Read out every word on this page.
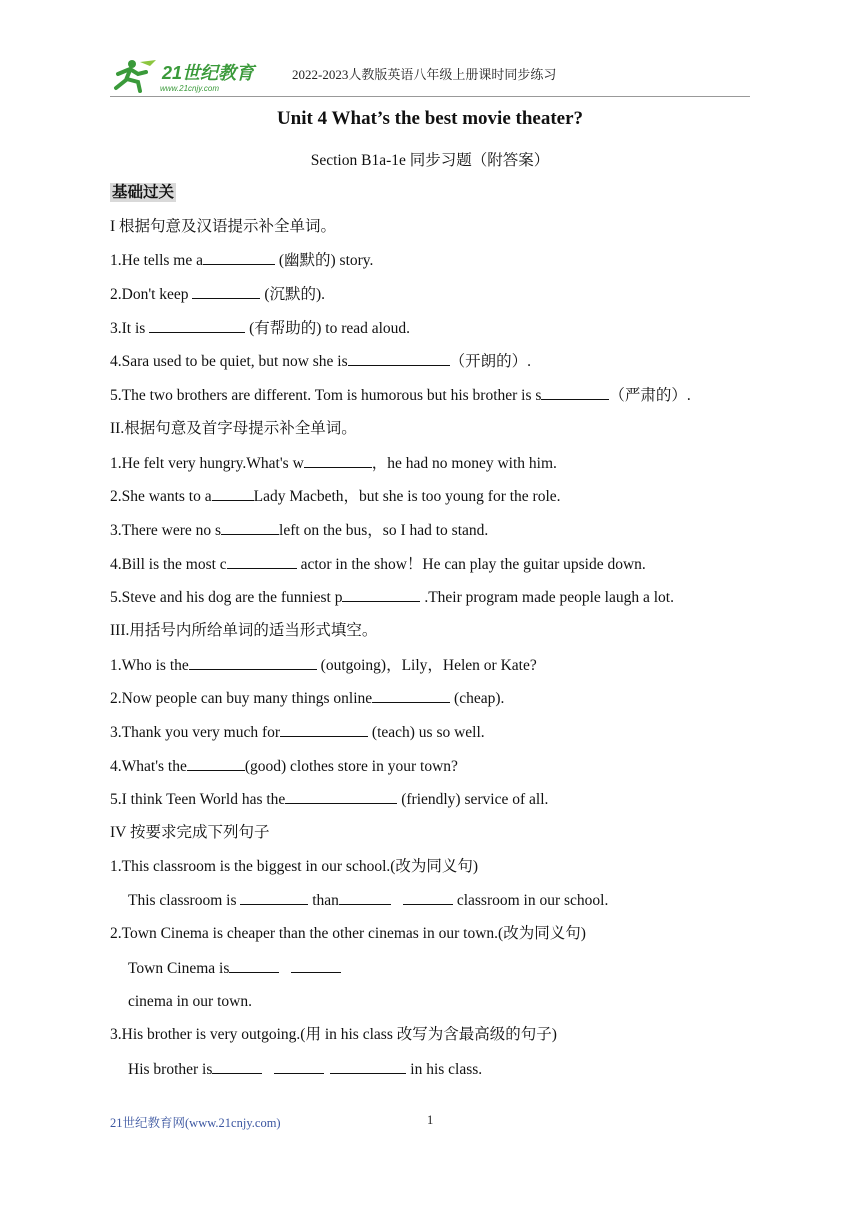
21世纪教育
www.21cnjy.com
2022-2023人教版英语八年级上册课时同步练习
Unit 4 What’s the best movie theater?
Section B1a-1e 同步习题（附答案）
基础过关
I 根据句意及汉语提示补全单词。
1.He tells me a	(幽默的) story.
2.Don't keep	(沉默的).
3.It is	(有帮助的) to read aloud.
4.Sara used to be quiet, but now she is	（开朗的）.
5.The two brothers are different. Tom is humorous but his brother is s	（严肃的）.
II.根据句意及首字母提示补全单词。
1.He felt very hungry.What's w	，he had no money with him.
2.She wants to a	Lady Macbeth，but she is too young for the role.
3.There were no s	left on the bus，so I had to stand.
4.Bill is the most c	actor in the show！He can play the guitar upside down.
5.Steve and his dog are the funniest p	.Their program made people laugh a lot.
III.用括号内所给单词的适当形式填空。
1.Who is the	(outgoing)，Lily，Helen or Kate?
2.Now people can buy many things online	(cheap).
3.Thank you very much for	(teach) us so well.
4.What's the	(good) clothes store in your town?
5.I think Teen World has the	(friendly) service of all.
IV 按要求完成下列句子
1.This classroom is the biggest in our school.(改为同义句)
This classroom is	than	classroom in our school.
2.Town Cinema is cheaper than the other cinemas in our town.(改为同义句)
Town Cinema is
cinema in our town.
3.His brother is very outgoing.(用 in his class 改写为含最高级的句子)
His brother is	in his class.
21世纪教育网(www.21cnjy.com)	1
